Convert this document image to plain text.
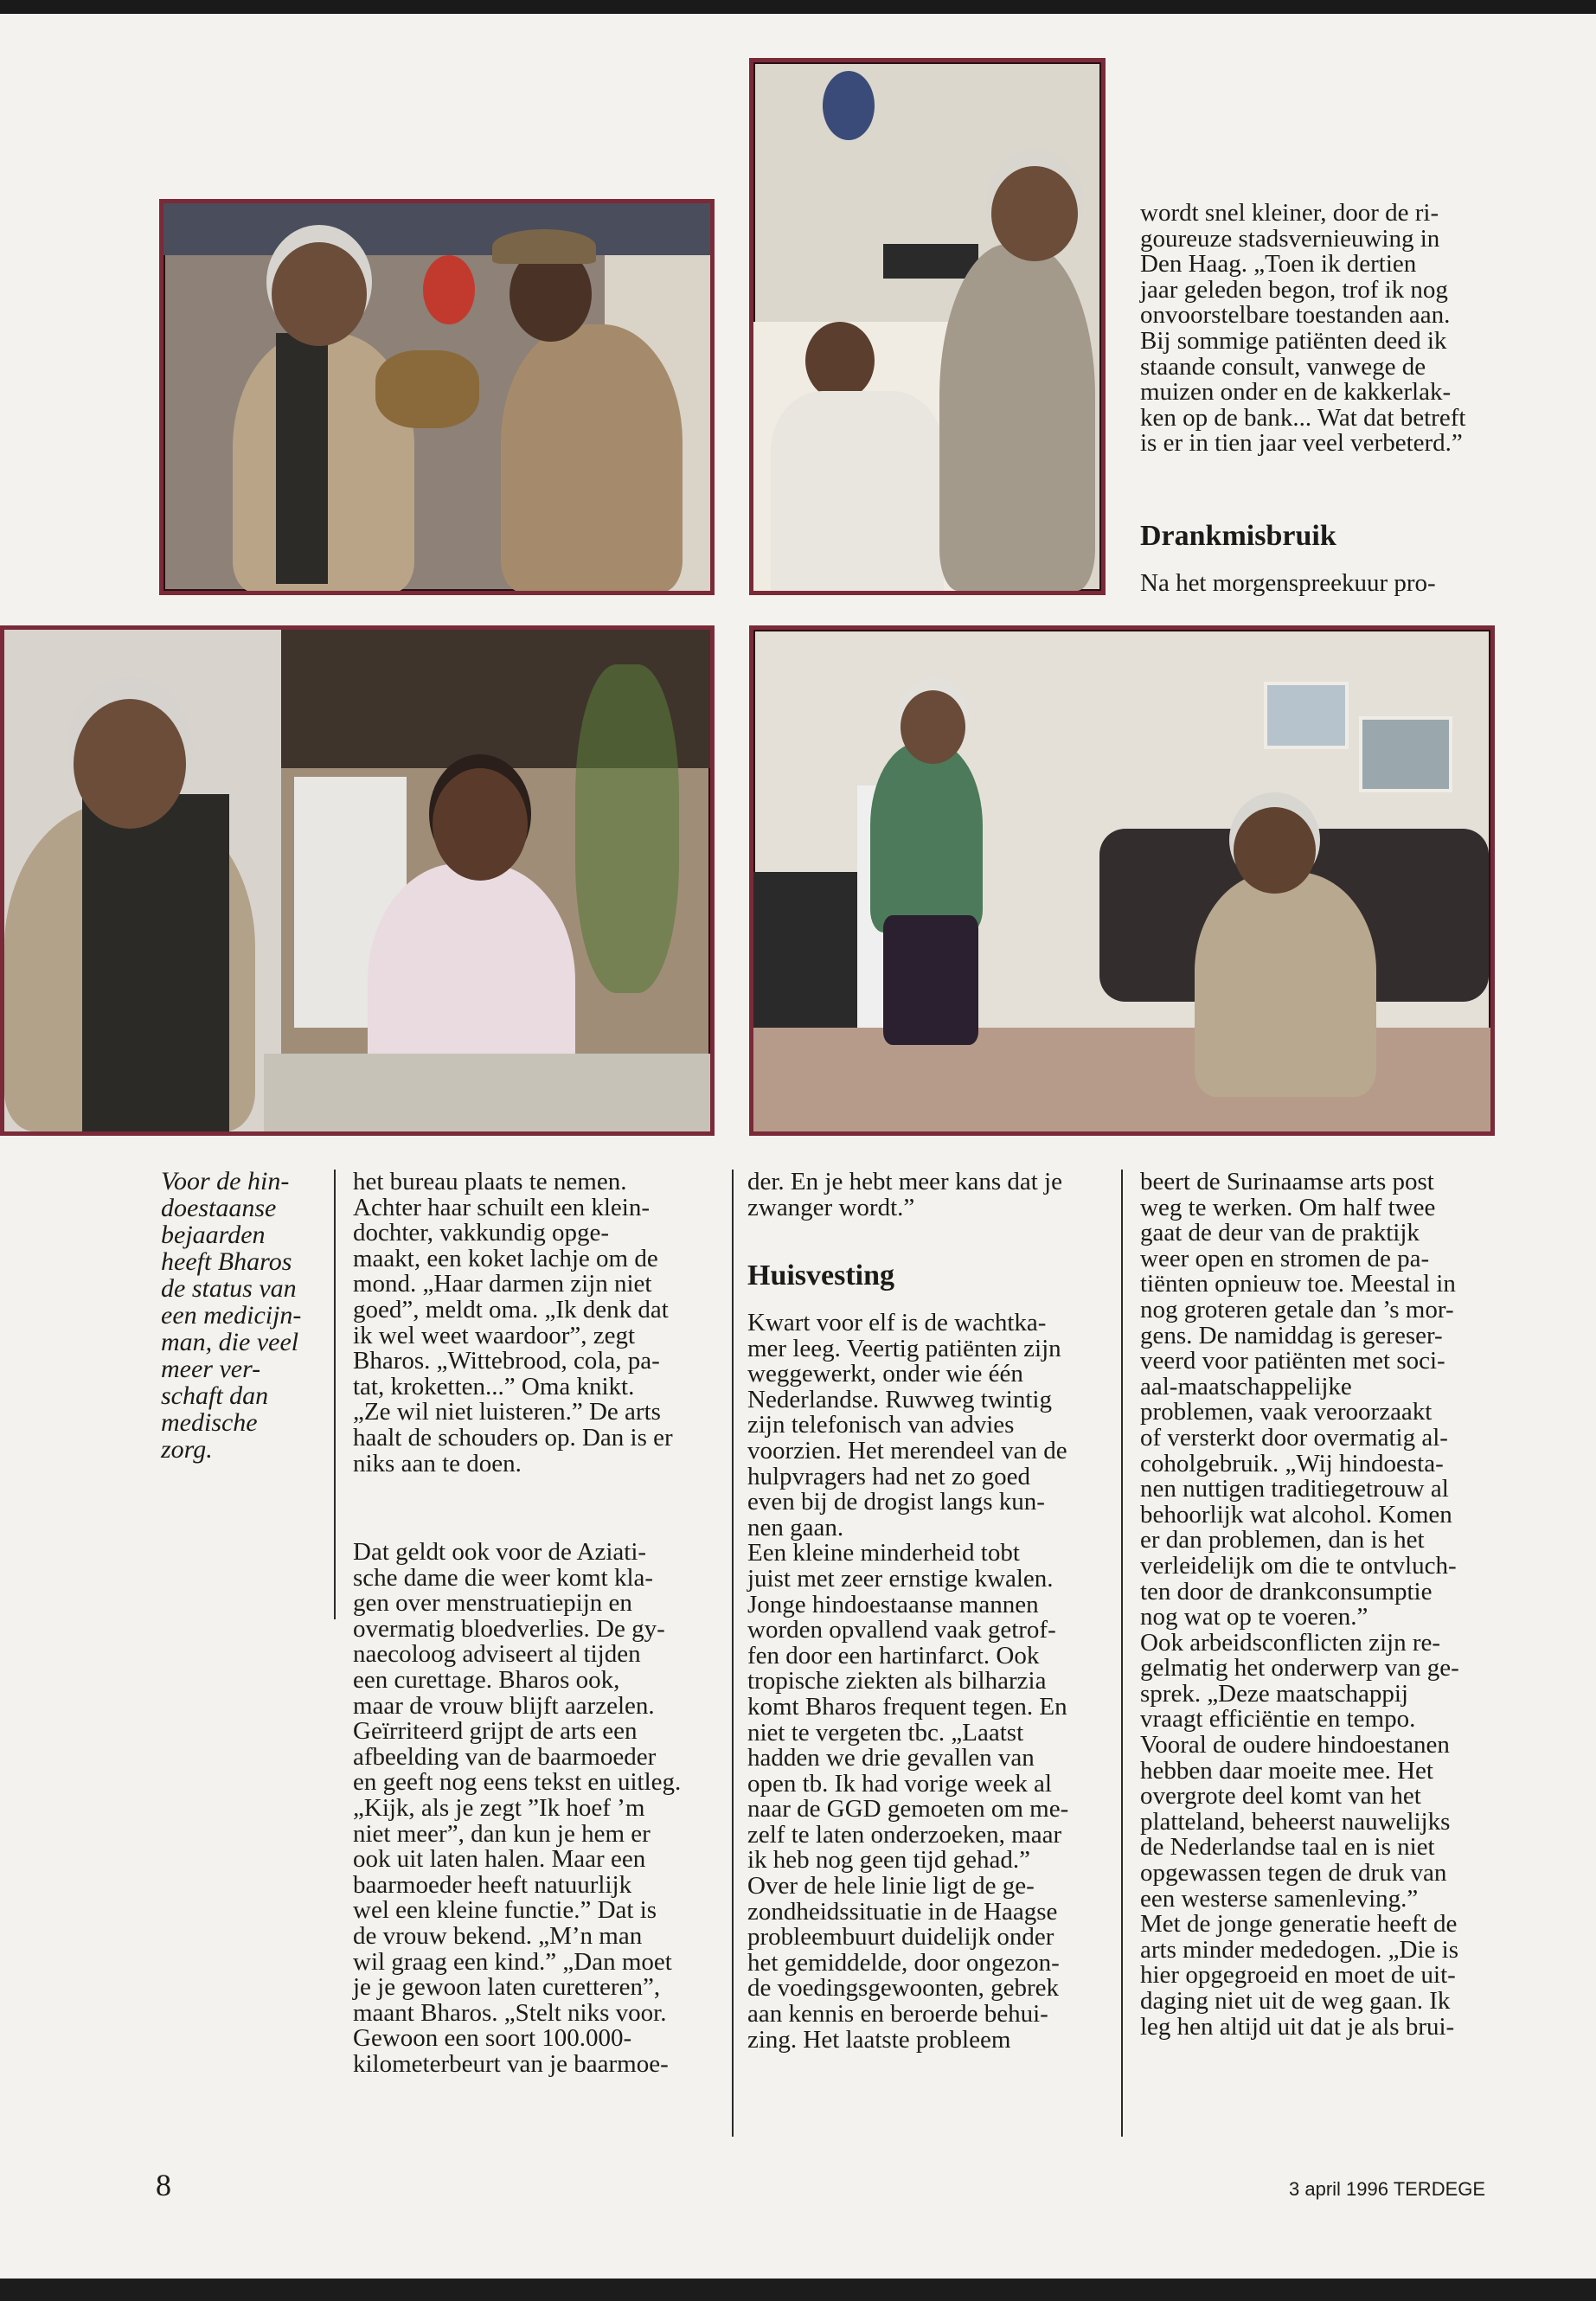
wordt snel kleiner, door de ri-
goureuze stadsvernieuwing in
Den Haag. „Toen ik dertien
jaar geleden begon, trof ik nog
onvoorstelbare toestanden aan.
Bij sommige patiënten deed ik
staande consult, vanwege de
muizen onder en de kakkerlak-
ken op de bank... Wat dat betreft
is er in tien jaar veel verbeterd.”

Drankmisbruik

Na het morgenspreekuur pro-

Voor de hin-
doestaanse
bejaarden
heeft Bharos
de status van
een medicijn-
man, die veel
meer ver-
schaft dan
medische
zorg.

het bureau plaats te nemen.
Achter haar schuilt een klein-
dochter, vakkundig opge-
maakt, een koket lachje om de
mond. „Haar darmen zijn niet
goed”, meldt oma. „Ik denk dat
ik wel weet waardoor”, zegt
Bharos. „Wittebrood, cola, pa-
tat, kroketten...” Oma knikt.
„Ze wil niet luisteren.” De arts
haalt de schouders op. Dan is er
niks aan te doen.

Dat geldt ook voor de Aziati-
sche dame die weer komt kla-
gen over menstruatiepijn en
overmatig bloedverlies. De gy-
naecoloog adviseert al tijden
een curettage. Bharos ook,
maar de vrouw blijft aarzelen.
Geïrriteerd grijpt de arts een
afbeelding van de baarmoeder
en geeft nog eens tekst en uitleg.
„Kijk, als je zegt ”Ik hoef ’m
niet meer”, dan kun je hem er
ook uit laten halen. Maar een
baarmoeder heeft natuurlijk
wel een kleine functie.” Dat is
de vrouw bekend. „M’n man
wil graag een kind.” „Dan moet
je je gewoon laten curetteren”,
maant Bharos. „Stelt niks voor.
Gewoon een soort 100.000-
kilometerbeurt van je baarmoe-

der. En je hebt meer kans dat je
zwanger wordt.”

Huisvesting

Kwart voor elf is de wachtka-
mer leeg. Veertig patiënten zijn
weggewerkt, onder wie één
Nederlandse. Ruwweg twintig
zijn telefonisch van advies
voorzien. Het merendeel van de
hulpvragers had net zo goed
even bij de drogist langs kun-
nen gaan.
Een kleine minderheid tobt
juist met zeer ernstige kwalen.
Jonge hindoestaanse mannen
worden opvallend vaak getrof-
fen door een hartinfarct. Ook
tropische ziekten als bilharzia
komt Bharos frequent tegen. En
niet te vergeten tbc. „Laatst
hadden we drie gevallen van
open tb. Ik had vorige week al
naar de GGD gemoeten om me-
zelf te laten onderzoeken, maar
ik heb nog geen tijd gehad.”
Over de hele linie ligt de ge-
zondheidssituatie in de Haagse
probleembuurt duidelijk onder
het gemiddelde, door ongezon-
de voedingsgewoonten, gebrek
aan kennis en beroerde behui-
zing. Het laatste probleem

beert de Surinaamse arts post
weg te werken. Om half twee
gaat de deur van de praktijk
weer open en stromen de pa-
tiënten opnieuw toe. Meestal in
nog groteren getale dan ’s mor-
gens. De namiddag is gereser-
veerd voor patiënten met soci-
aal-maatschappelijke
problemen, vaak veroorzaakt
of versterkt door overmatig al-
coholgebruik. „Wij hindoesta-
nen nuttigen traditiegetrouw al
behoorlijk wat alcohol. Komen
er dan problemen, dan is het
verleidelijk om die te ontvluch-
ten door de drankconsumptie
nog wat op te voeren.”
Ook arbeidsconflicten zijn re-
gelmatig het onderwerp van ge-
sprek. „Deze maatschappij
vraagt efficiëntie en tempo.
Vooral de oudere hindoestanen
hebben daar moeite mee. Het
overgrote deel komt van het
platteland, beheerst nauwelijks
de Nederlandse taal en is niet
opgewassen tegen de druk van
een westerse samenleving.”
Met de jonge generatie heeft de
arts minder mededogen. „Die is
hier opgegroeid en moet de uit-
daging niet uit de weg gaan. Ik
leg hen altijd uit dat je als brui-

8	3 april 1996 TERDEGE
